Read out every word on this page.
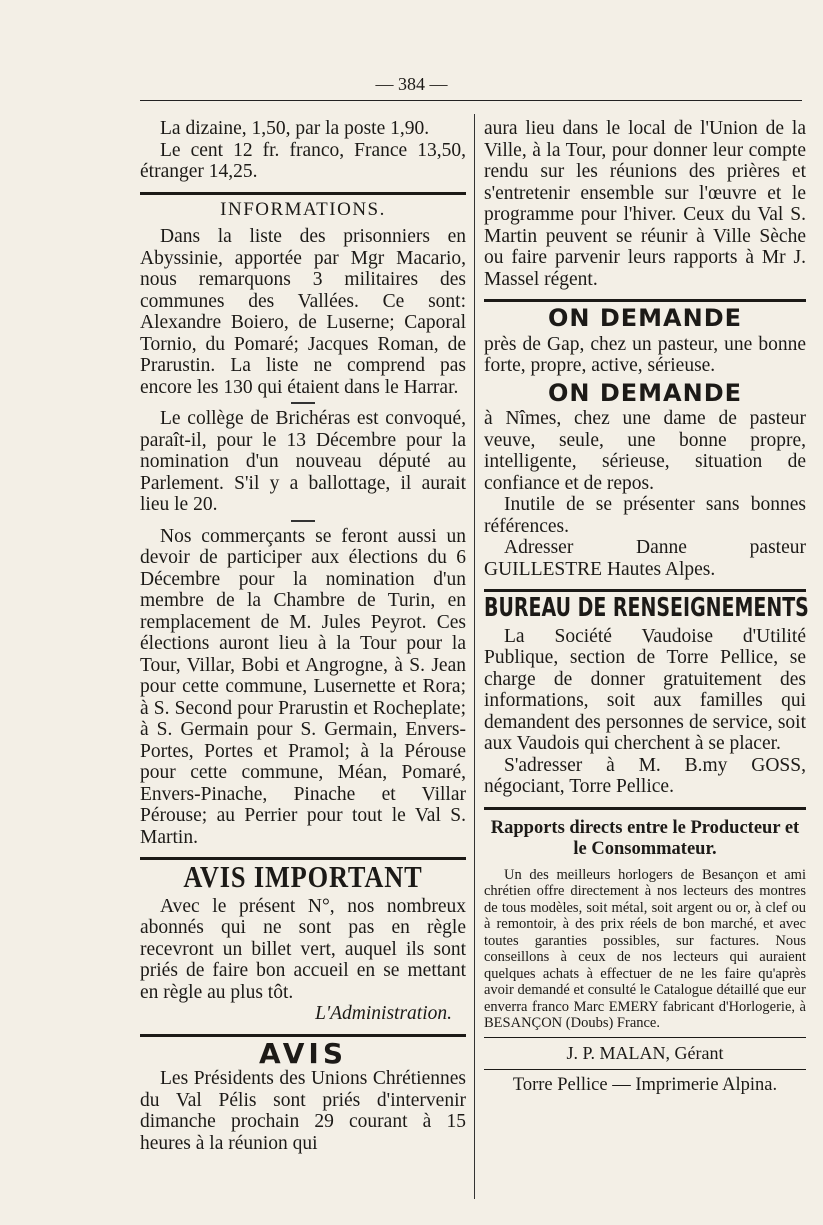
— 384 —

La dizaine, 1,50, par la poste 1,90.

Le cent 12 fr. franco, France 13,50, étranger 14,25.

INFORMATIONS.

Dans la liste des prisonniers en Abyssinie, apportée par Mgr Macario, nous remarquons 3 militaires des communes des Vallées. Ce sont: Alexandre Boiero, de Luserne; Caporal Tornio, du Pomaré; Jacques Roman, de Prarustin. La liste ne comprend pas encore les 130 qui étaient dans le Harrar.

Le collège de Brichéras est convoqué, paraît-il, pour le 13 Décembre pour la nomination d'un nouveau député au Parlement. S'il y a ballottage, il aurait lieu le 20.

Nos commerçants se feront aussi un devoir de participer aux élections du 6 Décembre pour la nomination d'un membre de la Chambre de Turin, en remplacement de M. Jules Peyrot. Ces élections auront lieu à la Tour pour la Tour, Villar, Bobi et Angrogne, à S. Jean pour cette commune, Lusernette et Rora; à S. Second pour Prarustin et Rocheplate; à S. Germain pour S. Germain, Envers-Portes, Portes et Pramol; à la Pérouse pour cette commune, Méan, Pomaré, Envers-Pinache, Pinache et Villar Pérouse; au Perrier pour tout le Val S. Martin.

AVIS IMPORTANT

Avec le présent N°, nos nombreux abonnés qui ne sont pas en règle recevront un billet vert, auquel ils sont priés de faire bon accueil en se mettant en règle au plus tôt.

L'Administration.

AVIS

Les Présidents des Unions Chrétiennes du Val Pélis sont priés d'intervenir dimanche prochain 29 courant à 15 heures à la réunion qui

aura lieu dans le local de l'Union de la Ville, à la Tour, pour donner leur compte rendu sur les réunions des prières et s'entretenir ensemble sur l'œuvre et le programme pour l'hiver. Ceux du Val S. Martin peuvent se réunir à Ville Sèche ou faire parvenir leurs rapports à Mr J. Massel régent.

ON DEMANDE

près de Gap, chez un pasteur, une bonne forte, propre, active, sérieuse.

ON DEMANDE

à Nîmes, chez une dame de pasteur veuve, seule, une bonne propre, intelligente, sérieuse, situation de confiance et de repos.

Inutile de se présenter sans bonnes références.

Adresser Danne pasteur GUILLESTRE Hautes Alpes.

BUREAU DE RENSEIGNEMENTS

La Société Vaudoise d'Utilité Publique, section de Torre Pellice, se charge de donner gratuitement des informations, soit aux familles qui demandent des personnes de service, soit aux Vaudois qui cherchent à se placer.

S'adresser à M. B.my GOSS, négociant, Torre Pellice.

Rapports directs entre le Producteur et le Consommateur.

Un des meilleurs horlogers de Besançon et ami chrétien offre directement à nos lecteurs des montres de tous modèles, soit métal, soit argent ou or, à clef ou à remontoir, à des prix réels de bon marché, et avec toutes garanties possibles, sur factures. Nous conseillons à ceux de nos lecteurs qui auraient quelques achats à effectuer de ne les faire qu'après avoir demandé et consulté le Catalogue détaillé que eur enverra franco Marc EMERY fabricant d'Horlogerie, à BESANÇON (Doubs) France.

J. P. MALAN, Gérant
Torre Pellice — Imprimerie Alpina.
